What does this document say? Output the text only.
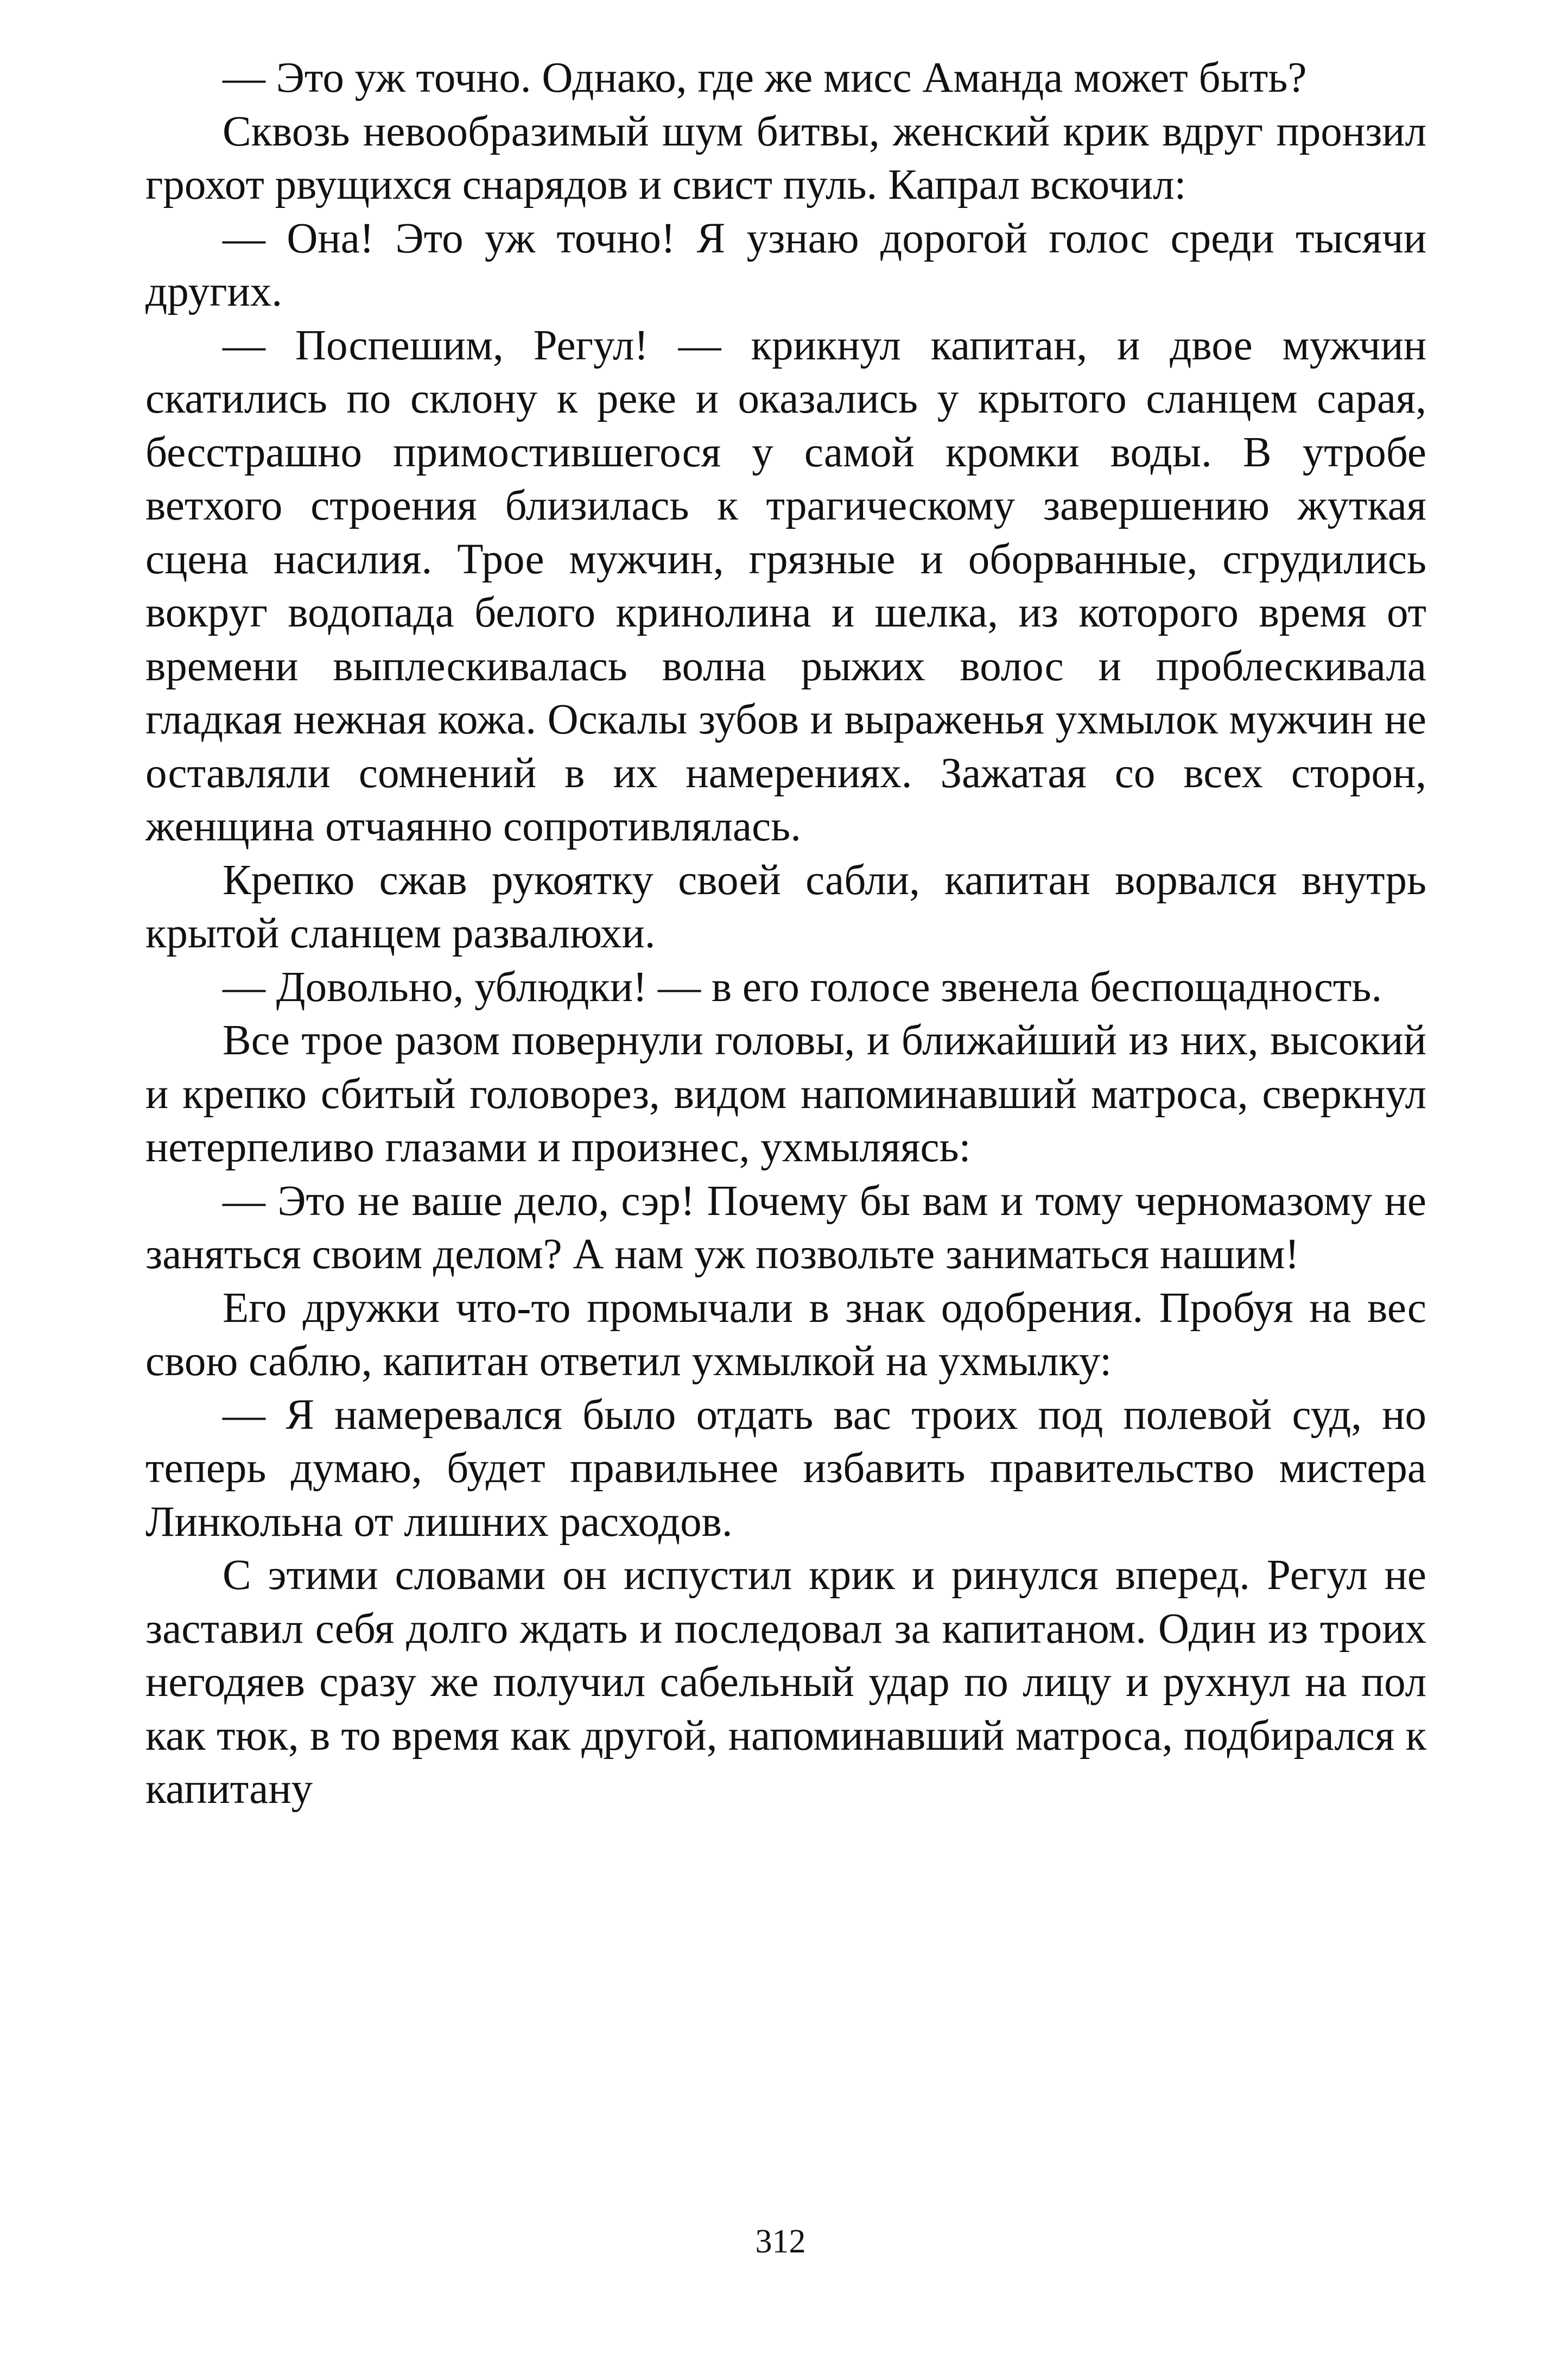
— Это уж точно. Однако, где же мисс Аманда может быть?

Сквозь невообразимый шум битвы, женский крик вдруг пронзил грохот рвущихся снарядов и свист пуль. Капрал вскочил:

— Она! Это уж точно! Я узнаю дорогой голос среди тысячи других.

— Поспешим, Регул! — крикнул капитан, и двое мужчин скатились по склону к реке и оказались у крытого сланцем сарая, бесстрашно примостившегося у самой кромки воды. В утробе ветхого строения близилась к трагическому завершению жуткая сцена насилия. Трое мужчин, грязные и оборванные, сгрудились вокруг водопада белого кринолина и шелка, из которого время от времени выплескивалась волна рыжих волос и проблескивала гладкая нежная кожа. Оскалы зубов и выраженья ухмылок мужчин не оставляли сомнений в их намерениях. Зажатая со всех сторон, женщина отчаянно сопротивлялась.

Крепко сжав рукоятку своей сабли, капитан ворвался внутрь крытой сланцем развалюхи.

— Довольно, ублюдки! — в его голосе звенела беспощадность.

Все трое разом повернули головы, и ближайший из них, высокий и крепко сбитый головорез, видом напоминавший матроса, сверкнул нетерпеливо глазами и произнес, ухмыляясь:

— Это не ваше дело, сэр! Почему бы вам и тому черномазому не заняться своим делом? А нам уж позвольте заниматься нашим!

Его дружки что-то промычали в знак одобрения. Пробуя на вес свою саблю, капитан ответил ухмылкой на ухмылку:

— Я намеревался было отдать вас троих под полевой суд, но теперь думаю, будет правильнее избавить правительство мистера Линкольна от лишних расходов.

С этими словами он испустил крик и ринулся вперед. Регул не заставил себя долго ждать и последовал за капитаном. Один из троих негодяев сразу же получил сабельный удар по лицу и рухнул на пол как тюк, в то время как другой, напоминавший матроса, подбирался к капитану

312
